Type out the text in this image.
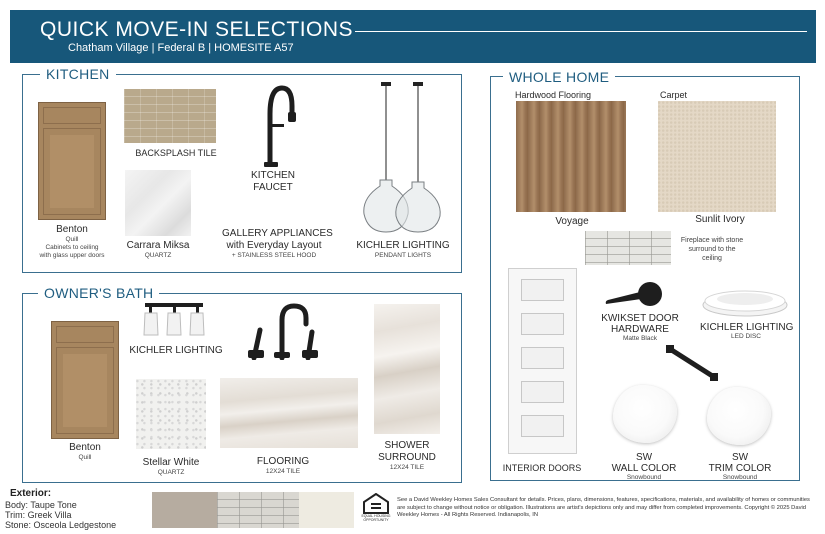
QUICK MOVE-IN SELECTIONS
Chatham Village | Federal B | HOMESITE A57
KITCHEN
Benton
Quill
Cabinets to ceiling
with glass upper doors
BACKSPLASH TILE
Carrara Miksa
QUARTZ
KITCHEN
FAUCET
GALLERY APPLIANCES
with Everyday Layout
+ STAINLESS STEEL HOOD
KICHLER LIGHTING
PENDANT LIGHTS
OWNER'S BATH
KICHLER LIGHTING
Benton
Quill	Stellar White
QUARTZ
FLOORING
12X24 TILE
SHOWER
SURROUND
12X24 TILE
WHOLE HOME
Hardwood Flooring
Voyage
Carpet
Sunlit Ivory
Fireplace with stone
surround to the
ceiling
INTERIOR DOORS
KWIKSET DOOR
HARDWARE
Matte Black
KICHLER LIGHTING
LED DISC
SW
WALL COLOR
Snowbound
SW
TRIM COLOR
Snowbound
Exterior:
Body: Taupe Tone
Trim: Greek Villa
Stone: Osceola Ledgestone
EQUAL HOUSING
OPPORTUNITY
See a David Weekley Homes Sales Consultant for details. Prices, plans, dimensions, features, specifications, materials, and availability of homes or communities are subject to change without notice or obligation. Illustrations are artist's depictions only and may differ from completed improvements. Copyright © 2025 David Weekley Homes - All Rights Reserved. Indianapolis, IN
